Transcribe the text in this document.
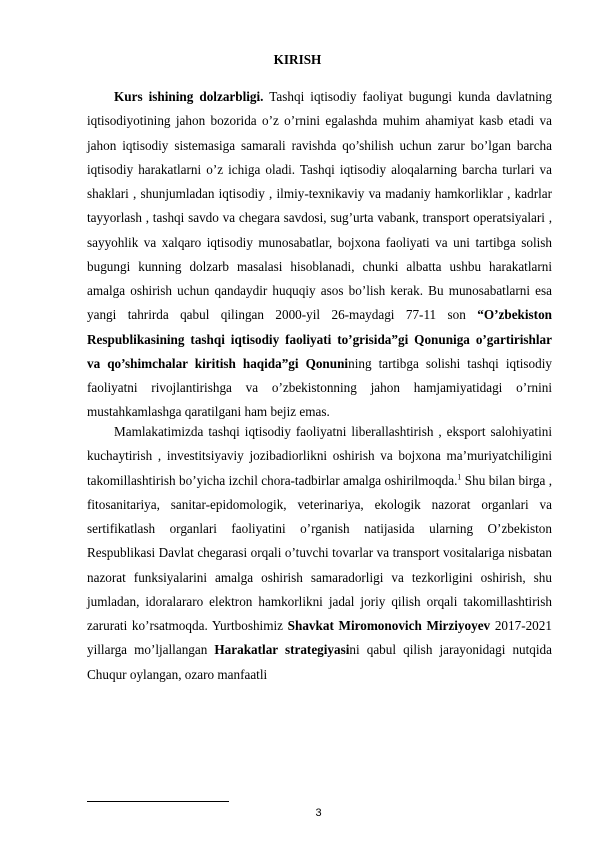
KIRISH

Kurs ishining dolzarbligi. Tashqi iqtisodiy faoliyat bugungi kunda davlatning iqtisodiyotining jahon bozorida o’z o’rnini egalashda muhim ahamiyat kasb etadi va jahon iqtisodiy sistemasiga samarali ravishda qo’shilish uchun zarur bo’lgan barcha iqtisodiy harakatlarni o’z ichiga oladi. Tashqi iqtisodiy aloqalarning barcha turlari va shaklari , shunjumladan iqtisodiy , ilmiy-texnikaviy va madaniy hamkorliklar , kadrlar tayyorlash , tashqi savdo va chegara savdosi, sug’urta vabank, transport operatsiyalari , sayyohlik va xalqaro iqtisodiy munosabatlar, bojxona faoliyati va uni tartibga solish bugungi kunning dolzarb masalasi hisoblanadi, chunki albatta ushbu harakatlarni amalga oshirish uchun qandaydir huquqiy asos bo’lish kerak. Bu munosabatlarni esa yangi tahrirda qabul qilingan 2000-yil 26-maydagi 77-11 son “O’zbekiston Respublikasining tashqi iqtisodiy faoliyati to’grisida”gi Qonuniga o’gartirishlar va qo’shimchalar kiritish haqida”gi Qonunining tartibga solishi tashqi iqtisodiy faoliyatni rivojlantirishga va o’zbekistonning jahon hamjamiyatidagi o’rnini mustahkamlashga qaratilgani ham bejiz emas.

Mamlakatimizda tashqi iqtisodiy faoliyatni liberallashtirish , eksport salohiyatini kuchaytirish , investitsiyaviy jozibadiorlikni oshirish va bojxona ma’muriyatchiligini takomillashtirish bo’yicha izchil chora-tadbirlar amalga oshirilmoqda.$^1$ Shu bilan birga , fitosanitariya, sanitar-epidomologik, veterinariya, ekologik nazorat organlari va sertifikatlash organlari faoliyatini o’rganish natijasida ularning O’zbekiston Respublikasi Davlat chegarasi orqali o’tuvchi tovarlar va transport vositalariga nisbatan nazorat funksiyalarini amalga oshirish samaradorligi va tezkorligini oshirish, shu jumladan, idoralararo elektron hamkorlikni jadal joriy qilish orqali takomillashtirish zarurati ko’rsatmoqda. Yurtboshimiz Shavkat Miromonovich Mirziyoyev 2017-2021 yillarga mo’ljallangan Harakatlar strategiyasini qabul qilish jarayonidagi nutqida Chuqur oylangan, ozaro manfaatli

3
